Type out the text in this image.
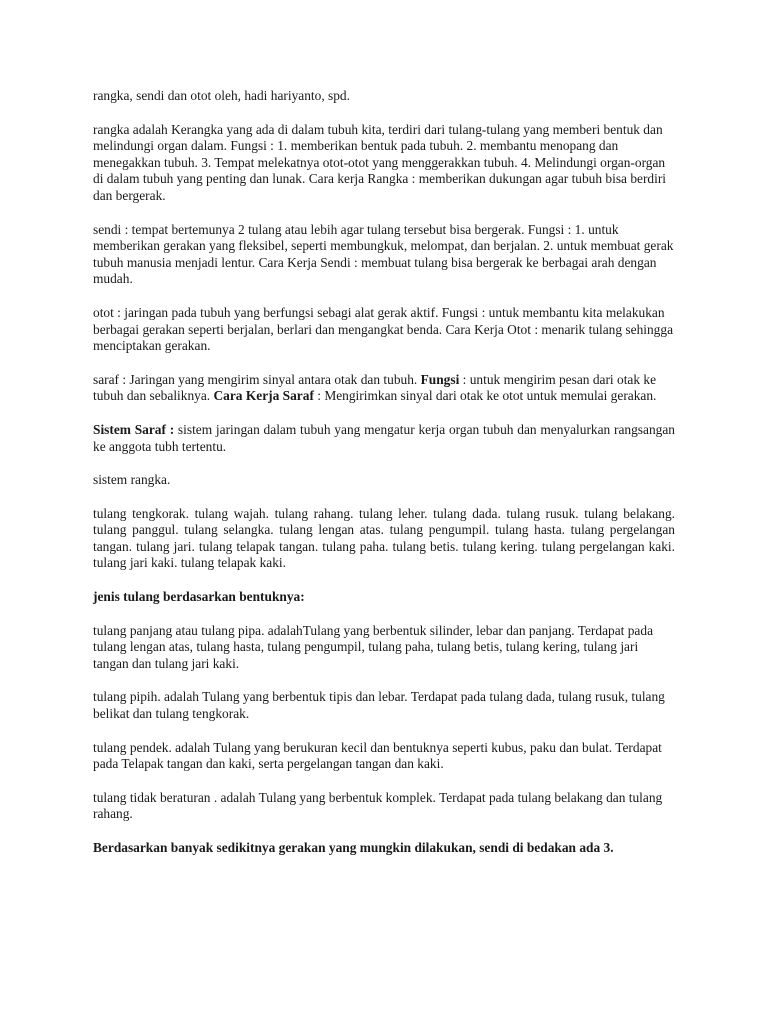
rangka, sendi dan otot oleh, hadi hariyanto, spd.

rangka adalah Kerangka yang ada di dalam tubuh kita, terdiri dari tulang-tulang yang memberi bentuk dan melindungi organ dalam. Fungsi : 1. memberikan bentuk pada tubuh. 2. membantu menopang dan menegakkan tubuh. 3. Tempat melekatnya otot-otot yang menggerakkan tubuh. 4. Melindungi organ-organ di dalam tubuh yang penting dan lunak. Cara kerja Rangka : memberikan dukungan agar tubuh bisa berdiri dan bergerak.

sendi : tempat bertemunya 2 tulang atau lebih agar tulang tersebut bisa bergerak. Fungsi : 1. untuk memberikan gerakan yang fleksibel, seperti membungkuk, melompat, dan berjalan. 2. untuk membuat gerak tubuh manusia menjadi lentur. Cara Kerja Sendi : membuat tulang bisa bergerak ke berbagai arah dengan mudah.

otot : jaringan pada tubuh yang berfungsi sebagi alat gerak aktif. Fungsi : untuk membantu kita melakukan berbagai gerakan seperti berjalan, berlari dan mengangkat benda. Cara Kerja Otot : menarik tulang sehingga menciptakan gerakan.

saraf : Jaringan yang mengirim sinyal antara otak dan tubuh. Fungsi : untuk mengirim pesan dari otak ke tubuh dan sebaliknya. Cara Kerja Saraf : Mengirimkan sinyal dari otak ke otot untuk memulai gerakan.

Sistem Saraf : sistem jaringan dalam tubuh yang mengatur kerja organ tubuh dan menyalurkan rangsangan ke anggota tubh tertentu.

sistem rangka.

tulang tengkorak. tulang wajah. tulang rahang. tulang leher. tulang dada. tulang rusuk. tulang belakang. tulang panggul. tulang selangka. tulang lengan atas. tulang pengumpil. tulang hasta. tulang pergelangan tangan. tulang jari. tulang telapak tangan. tulang paha. tulang betis. tulang kering. tulang pergelangan kaki. tulang jari kaki. tulang telapak kaki.

jenis tulang berdasarkan bentuknya:

tulang panjang atau tulang pipa. adalahTulang yang berbentuk silinder, lebar dan panjang. Terdapat pada tulang lengan atas, tulang hasta, tulang pengumpil, tulang paha, tulang betis, tulang kering, tulang jari tangan dan tulang jari kaki.

tulang pipih. adalah Tulang yang berbentuk tipis dan lebar. Terdapat pada tulang dada, tulang rusuk, tulang belikat dan tulang tengkorak.

tulang pendek. adalah Tulang yang berukuran kecil dan bentuknya seperti kubus, paku dan bulat. Terdapat pada Telapak tangan dan kaki, serta pergelangan tangan dan kaki.

tulang tidak beraturan . adalah Tulang yang berbentuk komplek. Terdapat pada tulang belakang dan tulang rahang.

Berdasarkan banyak sedikitnya gerakan yang mungkin dilakukan, sendi di bedakan ada 3.
